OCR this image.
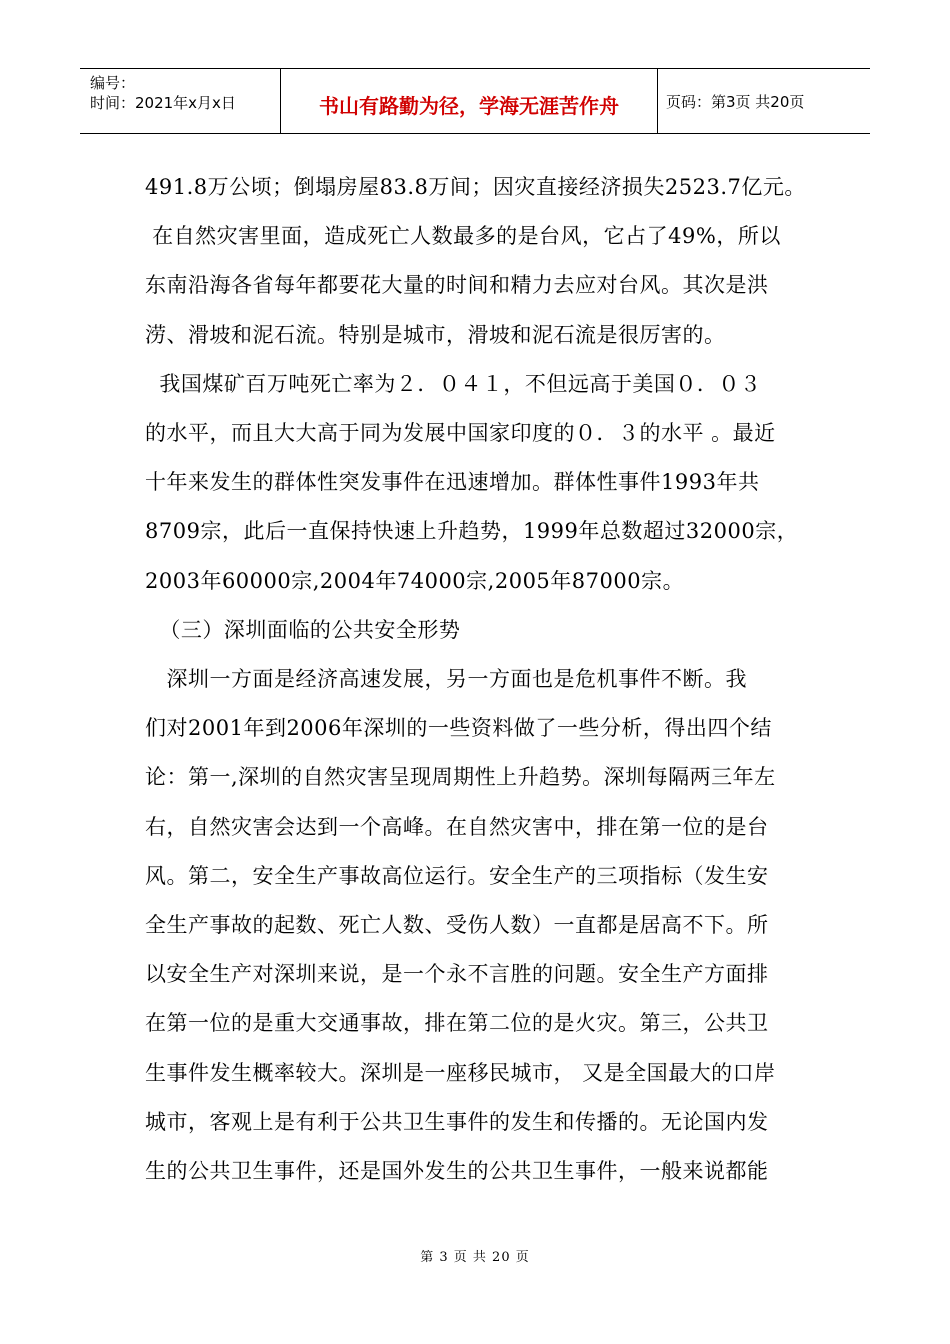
编号：
时间：2021年x月x日	书山有路勤为径，学海无涯苦作舟	页码：第3页 共20页

491.8万公顷；倒塌房屋83.8万间；因灾直接经济损失2523.7亿元。

在自然灾害里面，造成死亡人数最多的是台风，它占了49%，所以

东南沿海各省每年都要花大量的时间和精力去应对台风。其次是洪

涝、滑坡和泥石流。特别是城市，滑坡和泥石流是很厉害的。

我国煤矿百万吨死亡率为２．０４１，不但远高于美国０．０３

的水平，而且大大高于同为发展中国家印度的０．３的水平 。最近

十年来发生的群体性突发事件在迅速增加。群体性事件1993年共

8709宗，此后一直保持快速上升趋势，1999年总数超过32000宗，

2003年60000宗,2004年74000宗,2005年87000宗。

（三）深圳面临的公共安全形势

深圳一方面是经济高速发展，另一方面也是危机事件不断。我

们对2001年到2006年深圳的一些资料做了一些分析，得出四个结

论：第一,深圳的自然灾害呈现周期性上升趋势。深圳每隔两三年左

右，自然灾害会达到一个高峰。在自然灾害中，排在第一位的是台

风。第二，安全生产事故高位运行。安全生产的三项指标（发生安

全生产事故的起数、死亡人数、受伤人数）一直都是居高不下。所

以安全生产对深圳来说，是一个永不言胜的问题。安全生产方面排

在第一位的是重大交通事故，排在第二位的是火灾。第三，公共卫

生事件发生概率较大。深圳是一座移民城市， 又是全国最大的口岸

城市，客观上是有利于公共卫生事件的发生和传播的。无论国内发

生的公共卫生事件，还是国外发生的公共卫生事件，一般来说都能

第 3 页 共 20 页
